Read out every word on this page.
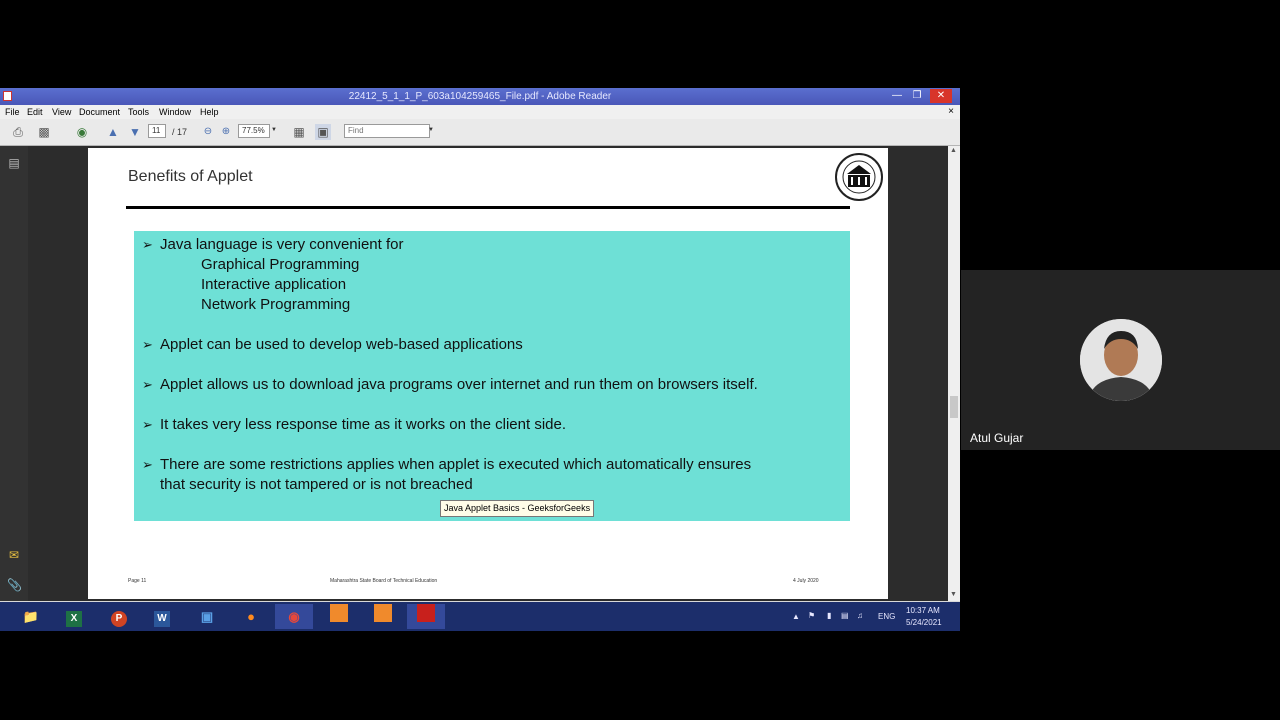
22412_5_1_1_P_603a104259465_File.pdf - Adobe Reader	—	❐	✕
File Edit View Document Tools Window Help	×
⎙ ▩ ◉ ▲ ▼	11	/ 17	⊖ ⊕	77.5%	▼ ▦ ▣	Find	▼
▤
✉
📎
▲
▼
Benefits of Applet
➢ Java language is very convenient for
Graphical Programming
Interactive application
Network Programming
➢ Applet can be used to develop web-based applications
➢ Applet allows us to download java programs over internet and run them on browsers itself.
➢ It takes very less response time as it works on the client side.
➢ There are some restrictions applies when applet is executed which automatically ensures
that security is not tampered or is not breached
Java Applet Basics - GeeksforGeeks
Page 11	Maharashtra State Board of Technical Education	4 July 2020
📁	X	P	W	▣	●	◉	▲ ⚑ ▮ ▤ ♫ ENG
10:37 AM
5/24/2021
Atul Gujar
